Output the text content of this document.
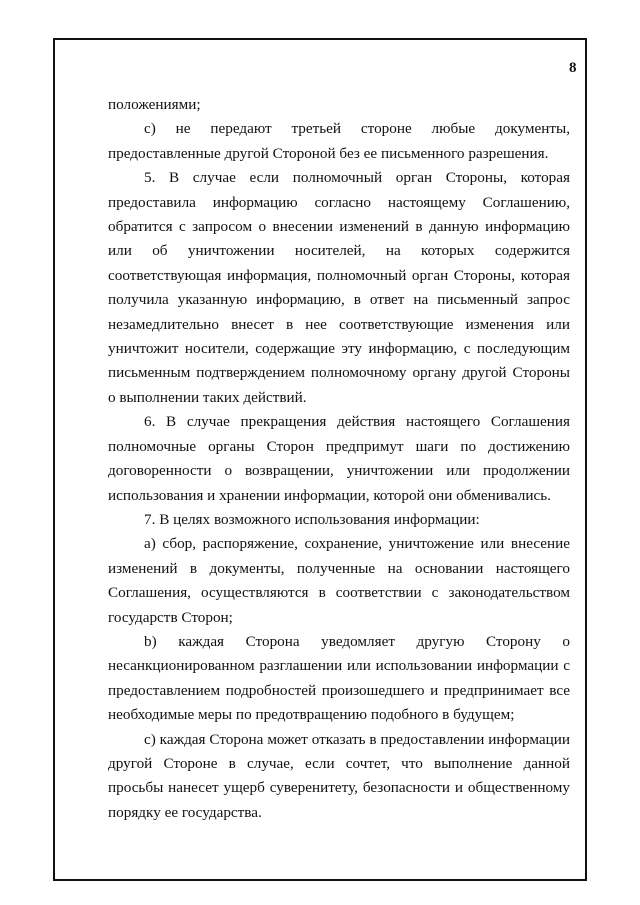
8

положениями;

c) не передают третьей стороне любые документы, предоставленные другой Стороной без ее письменного разрешения.

5. В случае если полномочный орган Стороны, которая предоставила информацию согласно настоящему Соглашению, обратится с запросом о внесении изменений в данную информацию или об уничтожении носителей, на которых содержится соответствующая информация, полномочный орган Стороны, которая получила указанную информацию, в ответ на письменный запрос незамедлительно внесет в нее соответствующие изменения или уничтожит носители, содержащие эту информацию, с последующим письменным подтверждением полномочному органу другой Стороны о выполнении таких действий.

6. В случае прекращения действия настоящего Соглашения полномочные органы Сторон предпримут шаги по достижению договоренности о возвращении, уничтожении или продолжении использования и хранении информации, которой они обменивались.

7. В целях возможного использования информации:

а) сбор, распоряжение, сохранение, уничтожение или внесение изменений в документы, полученные на основании настоящего Соглашения, осуществляются в соответствии с законодательством государств Сторон;

b) каждая Сторона уведомляет другую Сторону о несанкционированном разглашении или использовании информации с предоставлением подробностей произошедшего и предпринимает все необходимые меры по предотвращению подобного в будущем;

c) каждая Сторона может отказать в предоставлении информации другой Стороне в случае, если сочтет, что выполнение данной просьбы нанесет ущерб суверенитету, безопасности и общественному порядку ее государства.
